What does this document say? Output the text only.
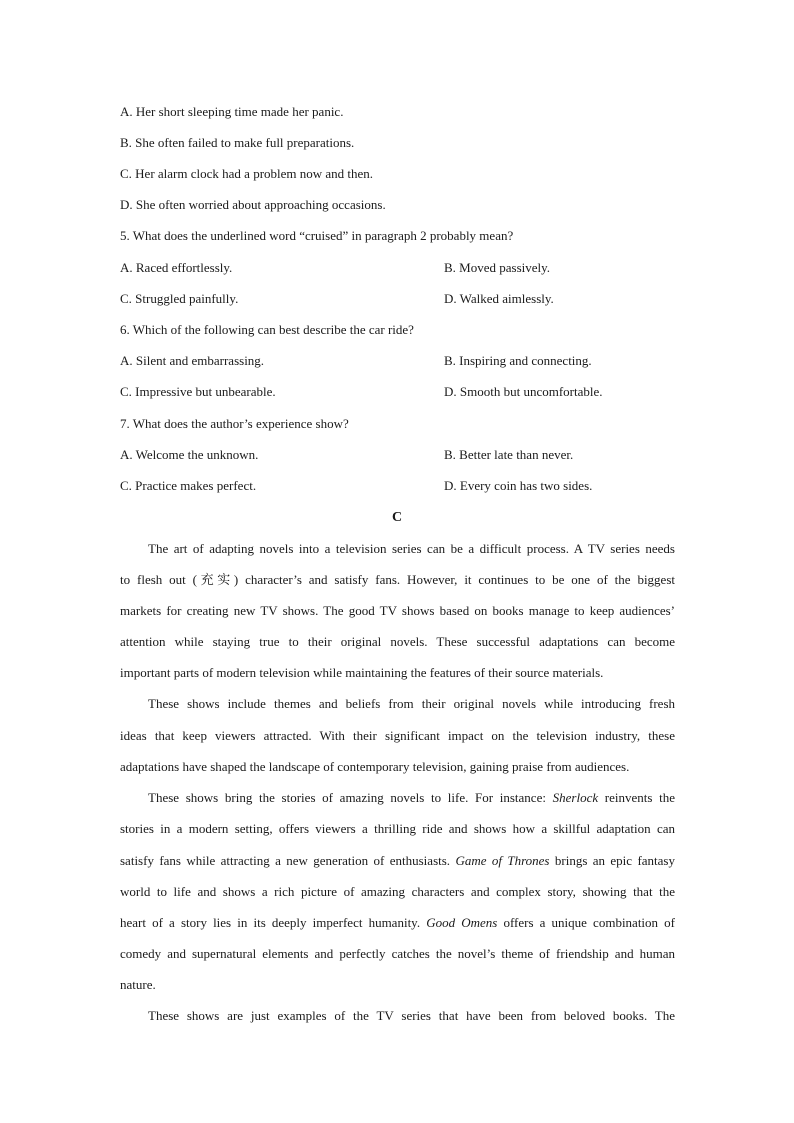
A. Her short sleeping time made her panic.
B. She often failed to make full preparations.
C. Her alarm clock had a problem now and then.
D. She often worried about approaching occasions.
5. What does the underlined word “cruised” in paragraph 2 probably mean?
A. Raced effortlessly.	B. Moved passively.
C. Struggled painfully.	D. Walked aimlessly.
6. Which of the following can best describe the car ride?
A. Silent and embarrassing.	B. Inspiring and connecting.
C. Impressive but unbearable.	D. Smooth but uncomfortable.
7. What does the author’s experience show?
A. Welcome the unknown.	B. Better late than never.
C. Practice makes perfect.	D. Every coin has two sides.
C
The art of adapting novels into a television series can be a difficult process. A TV series needs
to flesh out (充实) character’s and satisfy fans. However, it continues to be one of the biggest
markets for creating new TV shows. The good TV shows based on books manage to keep audiences’
attention while staying true to their original novels. These successful adaptations can become
important parts of modern television while maintaining the features of their source materials.
These shows include themes and beliefs from their original novels while introducing fresh
ideas that keep viewers attracted. With their significant impact on the television industry, these
adaptations have shaped the landscape of contemporary television, gaining praise from audiences.
These shows bring the stories of amazing novels to life. For instance: Sherlock reinvents the
stories in a modern setting, offers viewers a thrilling ride and shows how a skillful adaptation can
satisfy fans while attracting a new generation of enthusiasts. Game of Thrones brings an epic fantasy
world to life and shows a rich picture of amazing characters and complex story, showing that the
heart of a story lies in its deeply imperfect humanity. Good Omens offers a unique combination of
comedy and supernatural elements and perfectly catches the novel’s theme of friendship and human
nature.
These shows are just examples of the TV series that have been from beloved books. The
